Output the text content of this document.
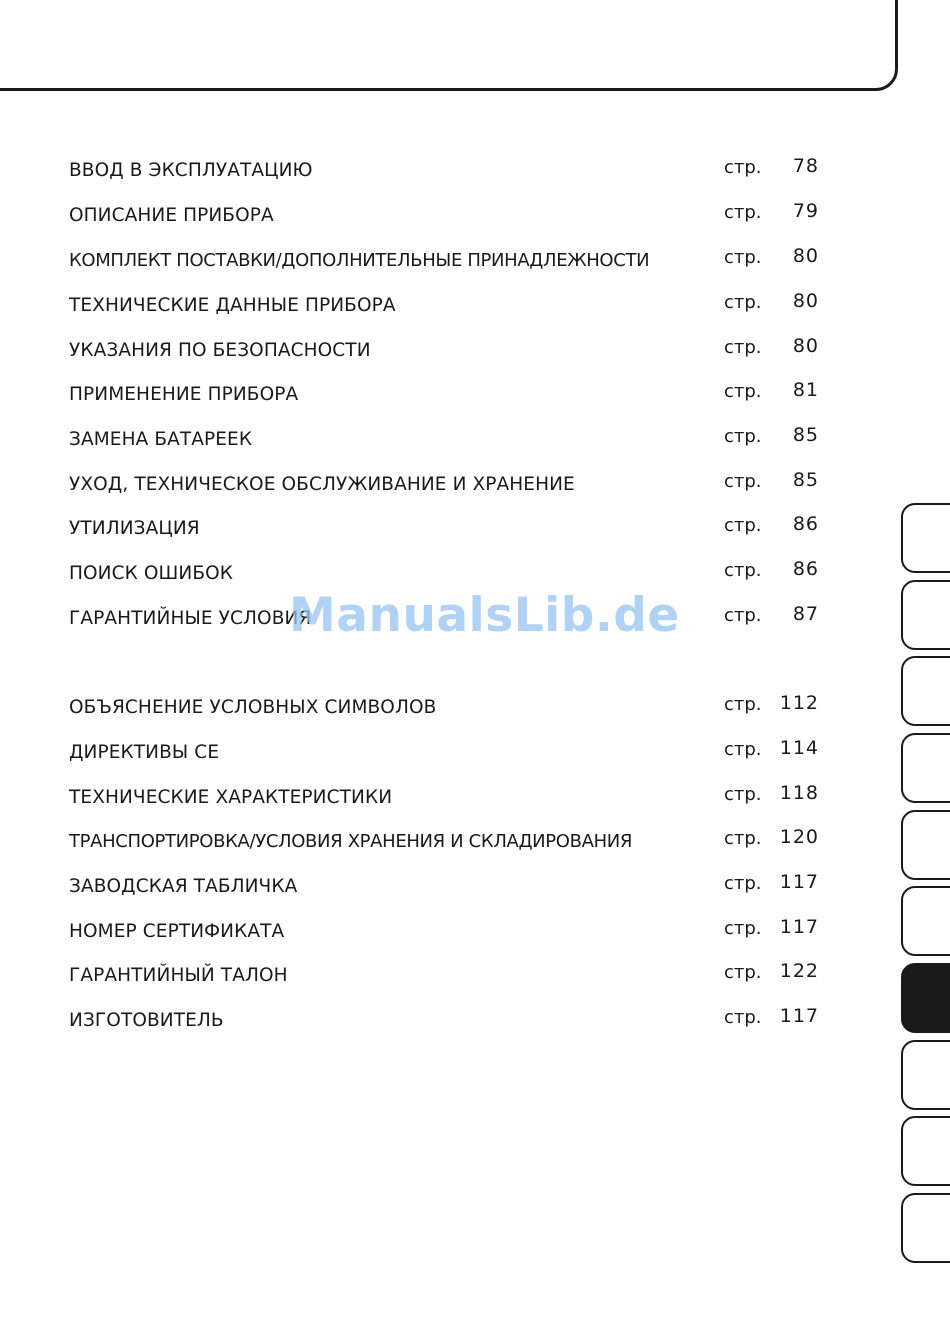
ВВОД В ЭКСПЛУАТАЦИЮ	стр. 78
ОПИСАНИЕ ПРИБОРА	стр. 79
КОМПЛЕКТ ПОСТАВКИ/ДОПОЛНИТЕЛЬНЫЕ ПРИНАДЛЕЖНОСТИ	стр. 80
ТЕХНИЧЕСКИЕ ДАННЫЕ ПРИБОРА	стр. 80
УКАЗАНИЯ ПО БЕЗОПАСНОСТИ	стр. 80
ПРИМЕНЕНИЕ ПРИБОРА	стр. 81
ЗАМЕНА БАТАРЕЕК	стр. 85
УХОД, ТЕХНИЧЕСКОЕ ОБСЛУЖИВАНИЕ И ХРАНЕНИЕ	стр. 85
УТИЛИЗАЦИЯ	стр. 86
ПОИСК ОШИБОК	стр. 86
ГАРАНТИЙНЫЕ УСЛОВИЯ	стр. 87
ОБЪЯСНЕНИЕ УСЛОВНЫХ СИМВОЛОВ	стр. 112
ДИРЕКТИВЫ СЕ	стр. 114
ТЕХНИЧЕСКИЕ ХАРАКТЕРИСТИКИ	стр. 118
ТРАНСПОРТИРОВКА/УСЛОВИЯ ХРАНЕНИЯ И СКЛАДИРОВАНИЯ	стр. 120
ЗАВОДСКАЯ ТАБЛИЧКА	стр. 117
НОМЕР СЕРТИФИКАТА	стр. 117
ГАРАНТИЙНЫЙ ТАЛОН	стр. 122
ИЗГОТОВИТЕЛЬ	стр. 117
ManualsLib.de
